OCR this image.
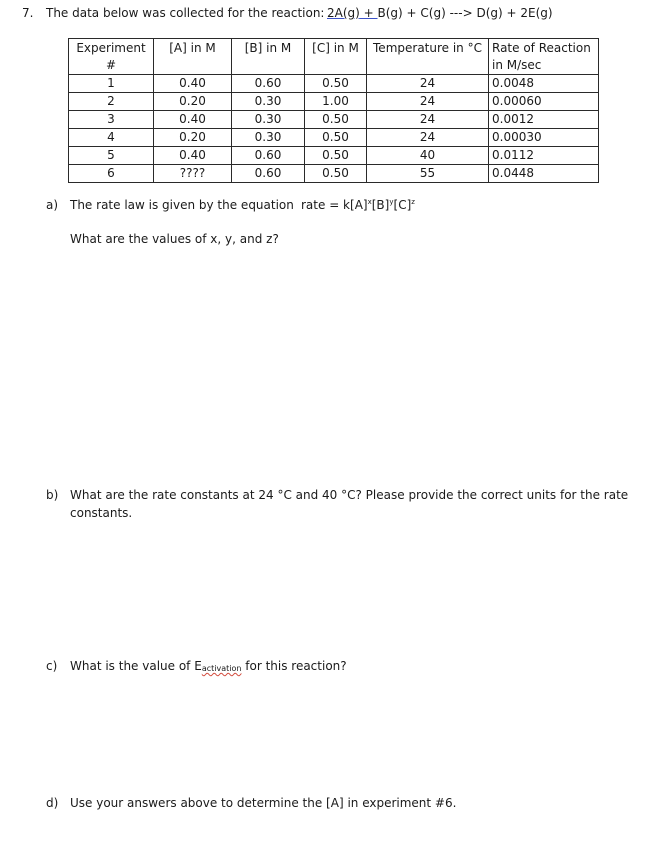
7. The data below was collected for the reaction: 2A(g) + B(g) + C(g) ---> D(g) + 2E(g)
Experiment #	[A] in M	[B] in M	[C] in M	Temperature in °C	Rate of Reaction in M/sec
1	0.40	0.60	0.50	24	0.0048
2	0.20	0.30	1.00	24	0.00060
3	0.40	0.30	0.50	24	0.0012
4	0.20	0.30	0.50	24	0.00030
5	0.40	0.60	0.50	40	0.0112
6	????	0.60	0.50	55	0.0448
a) The rate law is given by the equation rate = $k[A]^x[B]^y[C]^z$
What are the values of x, y, and z?
b) What are the rate constants at 24 °C and 40 °C? Please provide the correct units for the rate
constants.
c) What is the value of $E_{activation}$ for this reaction?
d) Use your answers above to determine the [A] in experiment #6.
